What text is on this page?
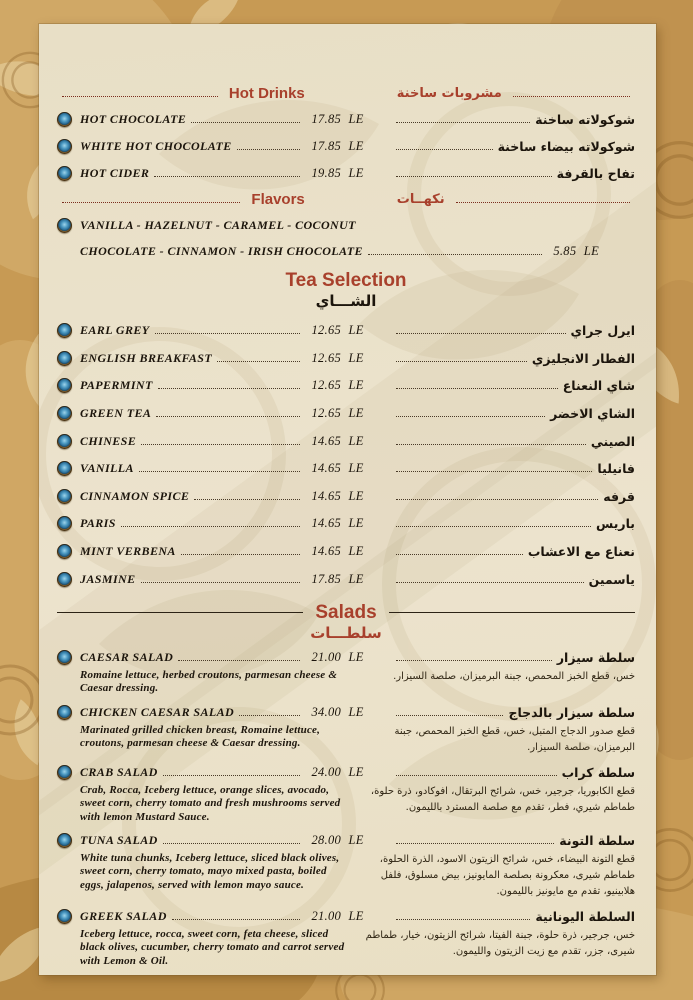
Hot Drinks	مشروبات ساخنة
HOT CHOCOLATE	17.85 LE	شوكولاته ساخنة
WHITE HOT CHOCOLATE	17.85 LE	شوكولاته بيضاء ساخنة
HOT CIDER	19.85 LE	تفاح بالقرفة
Flavors	نكهــات
VANILLA - HAZELNUT - CARAMEL - COCONUT
CHOCOLATE - CINNAMON - IRISH CHOCOLATE	5.85 LE
Tea Selection
الشـــاي
EARL GREY	12.65 LE	ايرل جراي
ENGLISH BREAKFAST	12.65 LE	الفطار الانجليزي
PAPERMINT	12.65 LE	شاي النعناع
GREEN TEA	12.65 LE	الشاي الاخضر
CHINESE	14.65 LE	الصيني
VANILLA	14.65 LE	فانيليا
CINNAMON SPICE	14.65 LE	قرفه
PARIS	14.65 LE	باريس
MINT VERBENA	14.65 LE	نعناع مع الاعشاب
JASMINE	17.85 LE	ياسمين
Salads
سلطـــات
CAESAR SALAD	21.00 LE	سلطة سيزار
Romaine lettuce, herbed croutons, parmesan cheese & Caesar dressing.
خس، قطع الخبز المحمص، جبنة البرميزان، صلصة السيزار.
CHICKEN CAESAR SALAD	34.00 LE	سلطة سيزار بالدجاج
Marinated grilled chicken breast, Romaine lettuce, croutons, parmesan cheese & Caesar dressing.
قطع صدور الدجاج المتبل، خس، قطع الخبز المحمص، جبنة البرميزان، صلصة السيزار.
CRAB SALAD	24.00 LE	سلطة كراب
Crab, Rocca, Iceberg lettuce, orange slices, avocado, sweet corn, cherry tomato and fresh mushrooms served with lemon Mustard Sauce.
قطع الكابوريا، جرجير، خس، شرائح البرتقال، افوكادو، ذرة حلوة، طماطم شيري، فطر، تقدم مع صلصة المسترد بالليمون.
TUNA SALAD	28.00 LE	سلطة التونة
White tuna chunks, Iceberg lettuce, sliced black olives, sweet corn, cherry tomato, mayo mixed pasta, boiled eggs, jalapenos, served with lemon mayo sauce.
قطع التونة البيضاء، خس، شرائح الزيتون الاسود، الذرة الحلوة، طماطم شيرى، معكرونة بصلصة المايونيز، بيض مسلوق، فلفل هلابينيو، تقدم مع مايونيز بالليمون.
GREEK SALAD	21.00 LE	السلطة اليونانية
Iceberg lettuce, rocca, sweet corn, feta cheese, sliced black olives, cucumber, cherry tomato and carrot served with Lemon & Oil.
خس، جرجير، ذرة حلوة، جبنة الفيتا، شرائح الزيتون، خيار، طماطم شيرى، جزر، تقدم مع زيت الزيتون والليمون.
